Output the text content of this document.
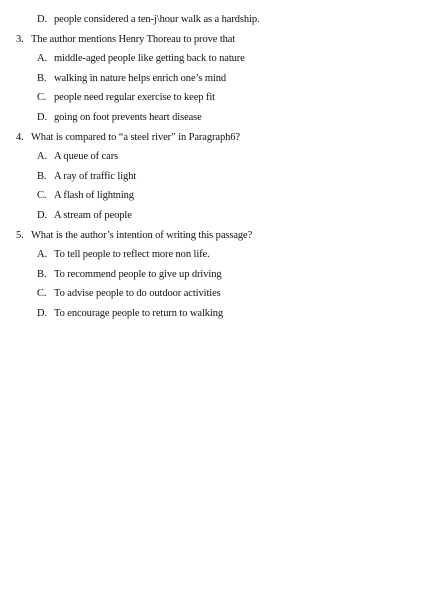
D. people considered a ten-j\hour walk as a hardship.
3. The author mentions Henry Thoreau to prove that
A. middle-aged people like getting back to nature
B. walking in nature helps enrich one’s mind
C. people need regular exercise to keep fit
D. going on foot prevents heart disease
4. What is compared to “a steel river” in Paragraph6?
A. A queue of cars
B. A ray of traffic light
C. A flash of lightning
D. A stream of people
5. What is the author’s intention of writing this passage?
A. To tell people to reflect more non life.
B. To recommend people to give up driving
C. To advise people to do outdoor activities
D. To encourage people to return to walking
